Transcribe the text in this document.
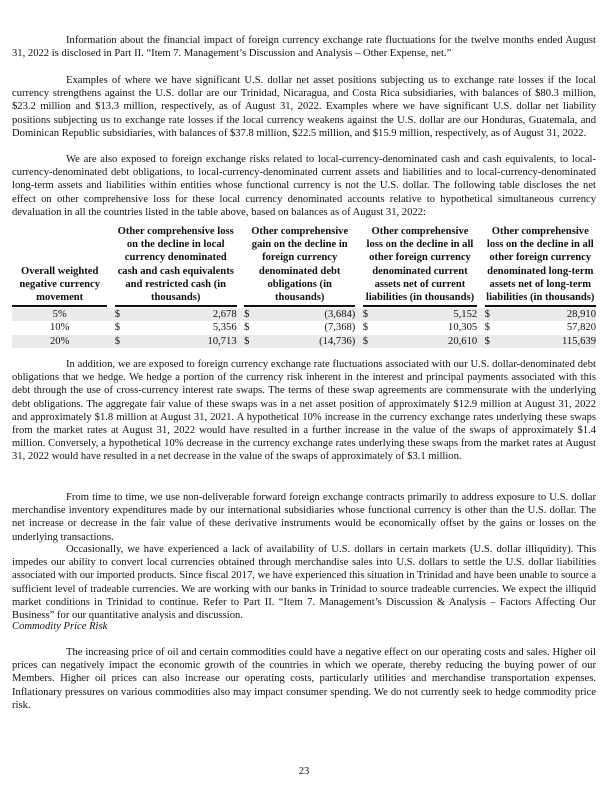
Information about the financial impact of foreign currency exchange rate fluctuations for the twelve months ended August 31, 2022 is disclosed in Part II. “Item 7. Management’s Discussion and Analysis – Other Expense, net.”

Examples of where we have significant U.S. dollar net asset positions subjecting us to exchange rate losses if the local currency strengthens against the U.S. dollar are our Trinidad, Nicaragua, and Costa Rica subsidiaries, with balances of $80.3 million, $23.2 million and $13.3 million, respectively, as of August 31, 2022. Examples where we have significant U.S. dollar net liability positions subjecting us to exchange rate losses if the local currency weakens against the U.S. dollar are our Honduras, Guatemala, and Dominican Republic subsidiaries, with balances of $37.8 million, $22.5 million, and $15.9 million, respectively, as of August 31, 2022.

We are also exposed to foreign exchange risks related to local-currency-denominated cash and cash equivalents, to local-currency-denominated debt obligations, to local-currency-denominated current assets and liabilities and to local-currency-denominated long-term assets and liabilities within entities whose functional currency is not the U.S. dollar. The following table discloses the net effect on other comprehensive loss for these local currency denominated accounts relative to hypothetical simultaneous currency devaluation in all the countries listed in the table above, based on balances as of August 31, 2022:

Overall weighted negative currency movement		Other comprehensive loss on the decline in local currency denominated cash and cash equivalents and restricted cash (in thousands)			Other comprehensive gain on the decline in foreign currency denominated debt obligations (in thousands)			Other comprehensive loss on the decline in all other foreign currency denominated current assets net of current liabilities (in thousands)			Other comprehensive loss on the decline in all other foreign currency denominated long-term assets net of long-term liabilities (in thousands)	

5%		$	2,678		$	(3,684)		$	5,152		$	28,910
10%		$	5,356		$	(7,368)		$	10,305		$	57,820
20%		$	10,713		$	(14,736)		$	20,610		$	115,639

In addition, we are exposed to foreign currency exchange rate fluctuations associated with our U.S. dollar-denominated debt obligations that we hedge. We hedge a portion of the currency risk inherent in the interest and principal payments associated with this debt through the use of cross-currency interest rate swaps. The terms of these swap agreements are commensurate with the underlying debt obligations. The aggregate fair value of these swaps was in a net asset position of approximately $12.9 million at August 31, 2022 and approximately $1.8 million at August 31, 2021. A hypothetical 10% increase in the currency exchange rates underlying these swaps from the market rates at August 31, 2022 would have resulted in a further increase in the value of the swaps of approximately $1.4 million. Conversely, a hypothetical 10% decrease in the currency exchange rates underlying these swaps from the market rates at August 31, 2022 would have resulted in a net decrease in the value of the swaps of approximately of $3.1 million.

From time to time, we use non-deliverable forward foreign exchange contracts primarily to address exposure to U.S. dollar merchandise inventory expenditures made by our international subsidiaries whose functional currency is other than the U.S. dollar. The net increase or decrease in the fair value of these derivative instruments would be economically offset by the gains or losses on the underlying transactions.

Occasionally, we have experienced a lack of availability of U.S. dollars in certain markets (U.S. dollar illiquidity). This impedes our ability to convert local currencies obtained through merchandise sales into U.S. dollars to settle the U.S. dollar liabilities associated with our imported products. Since fiscal 2017, we have experienced this situation in Trinidad and have been unable to source a sufficient level of tradeable currencies. We are working with our banks in Trinidad to source tradeable currencies. We expect the illiquid market conditions in Trinidad to continue. Refer to Part II. “Item 7. Management’s Discussion & Analysis – Factors Affecting Our Business” for our quantitative analysis and discussion.

Commodity Price Risk

The increasing price of oil and certain commodities could have a negative effect on our operating costs and sales. Higher oil prices can negatively impact the economic growth of the countries in which we operate, thereby reducing the buying power of our Members. Higher oil prices can also increase our operating costs, particularly utilities and merchandise transportation expenses. Inflationary pressures on various commodities also may impact consumer spending. We do not currently seek to hedge commodity price risk.

23
